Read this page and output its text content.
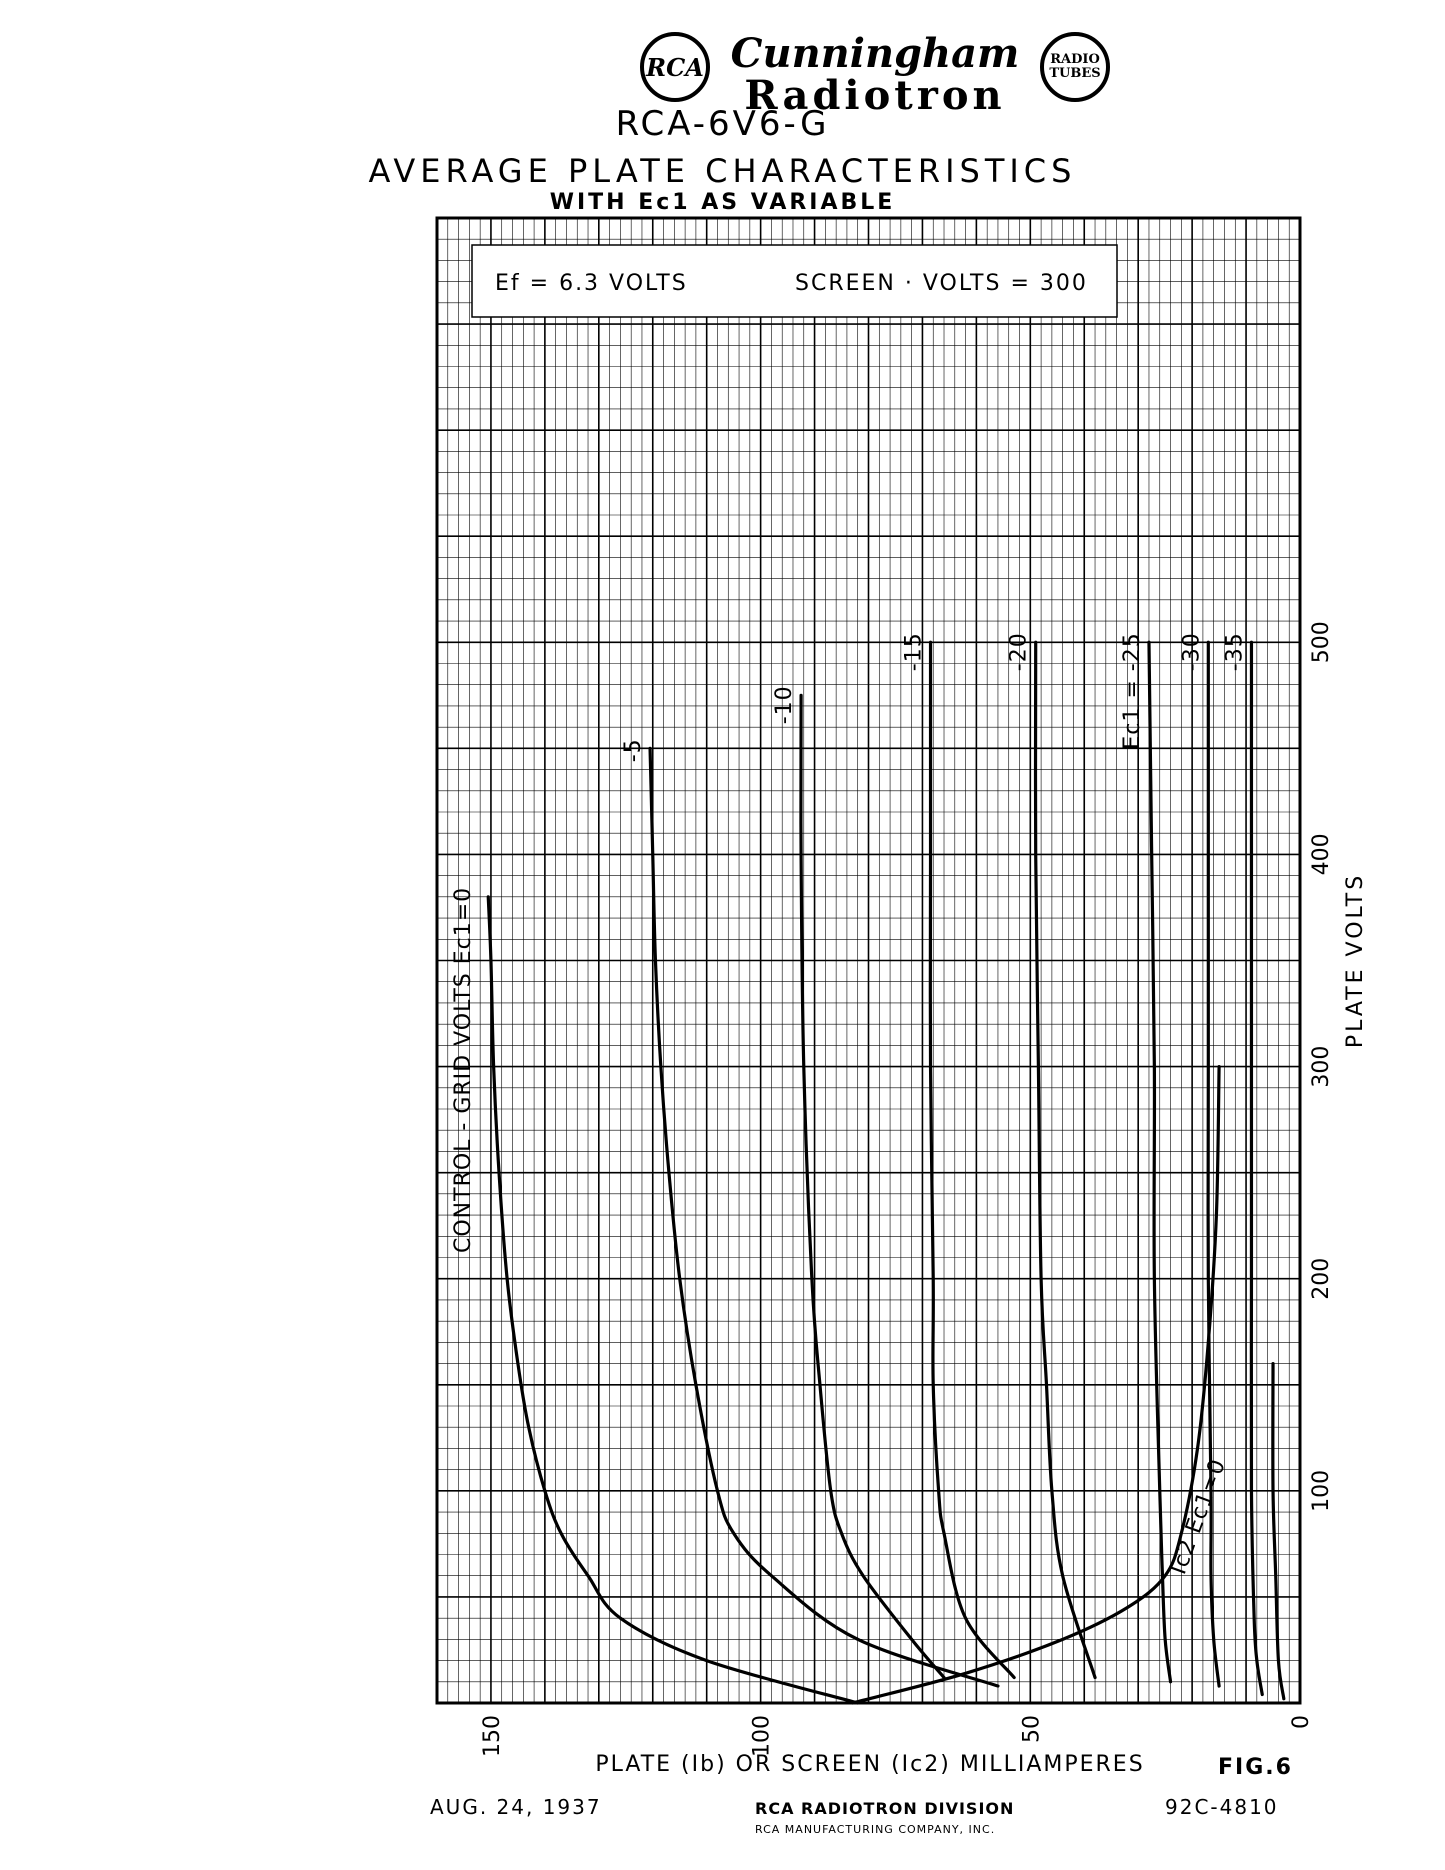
RCA Cunningham
Radiotron
RADIO TUBES
RCA-6V6-G
AVERAGE PLATE CHARACTERISTICS
WITH Ec1 AS VARIABLE
Ef = 6.3 VOLTS	SCREEN · VOLTS = 300
CONTROL - GRID VOLTS Ec1=0
-5
-10
-15	-20	Ec1 = -25 -30 -35
Ic2 Ec1=0
150	100	50	0
100
200
300
400
500
PLATE VOLTS
PLATE (Ib) OR SCREEN (Ic2) MILLIAMPERES
AUG. 24, 1937	RCA RADIOTRON DIVISION
RCA MANUFACTURING COMPANY, INC.
FIG.6
92C-4810
